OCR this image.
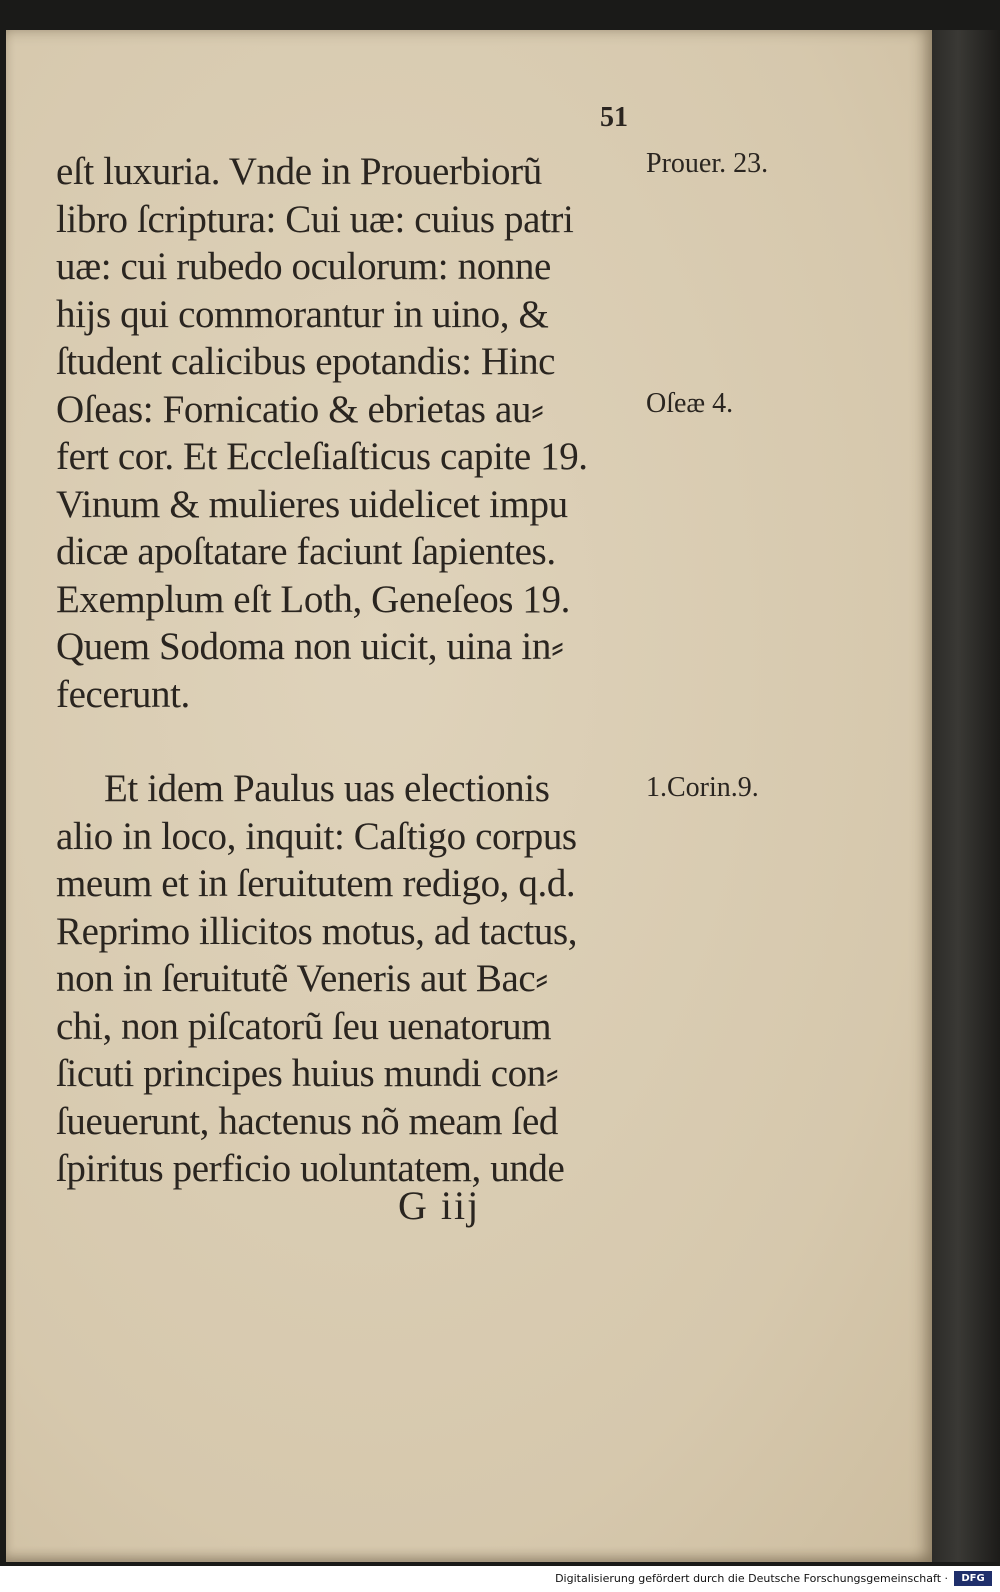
51
eſt luxuria. Vnde in Prouerbiorũ
libro ſcriptura: Cui uæ: cuius patri
uæ: cui rubedo oculorum: nonne
hijs qui commorantur in uino, &
ſtudent calicibus epotandis: Hinc
Oſeas: Fornicatio & ebrietas au⸗
fert cor. Et Eccleſiaſticus capite 19.
Vinum & mulieres uidelicet impu
dicæ apoſtatare faciunt ſapientes.
Exemplum eſt Loth, Geneſeos 19.
Quem Sodoma non uicit, uina in⸗
fecerunt.
Et idem Paulus uas electionis
alio in loco, inquit: Caſtigo corpus
meum et in ſeruitutem redigo, q.d.
Reprimo illicitos motus, ad tactus,
non in ſeruitutẽ Veneris aut Bac⸗
chi, non piſcatorũ ſeu uenatorum
ſicuti principes huius mundi con⸗
ſueuerunt, hactenus nõ meam ſed
ſpiritus perficio uoluntatem, unde
Prouer. 23.
Oſeæ 4.
1.Corin.9.
G iij
Digitalisierung gefördert durch die Deutsche Forschungsgemeinschaft ·	DFG
